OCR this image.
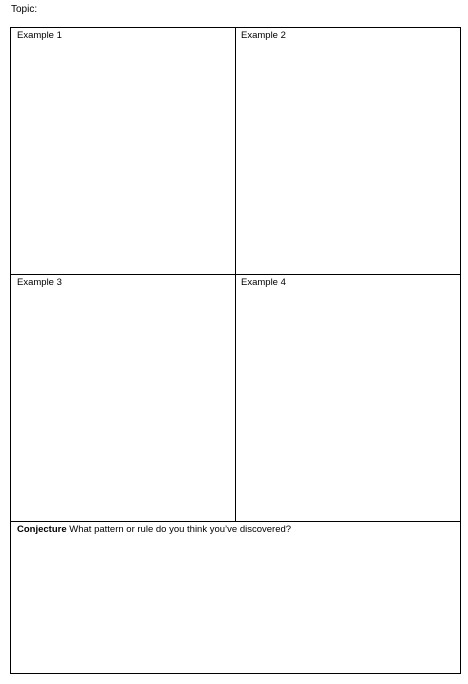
Topic:
Example 1	Example 2
Example 3	Example 4
Conjecture What pattern or rule do you think you’ve discovered?
